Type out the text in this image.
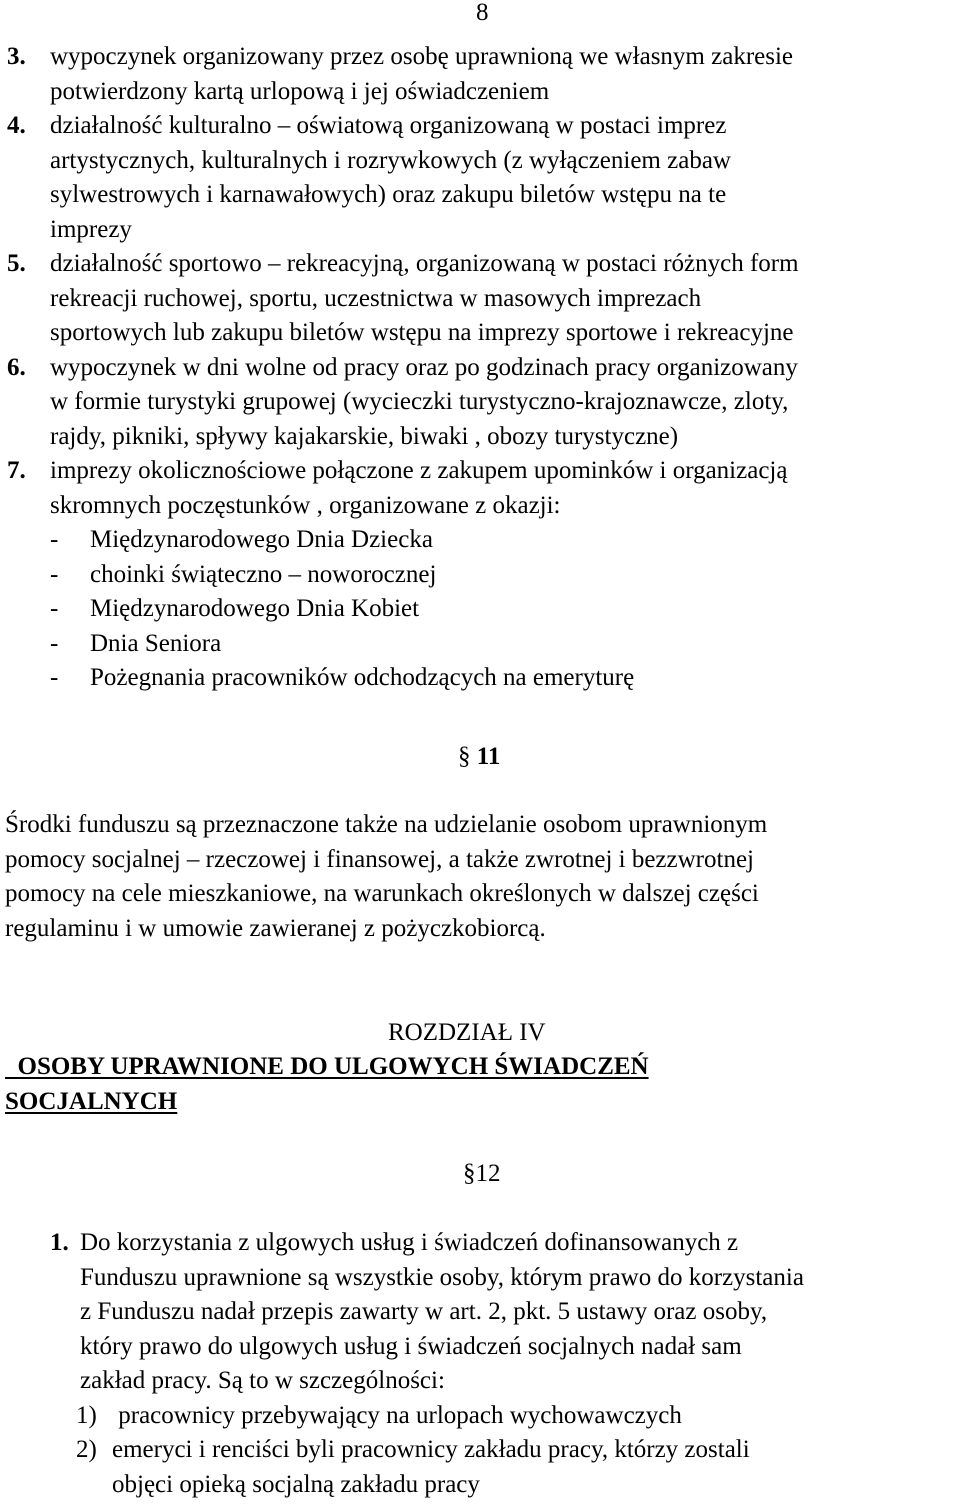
8
3. wypoczynek organizowany przez osobę uprawnioną we własnym zakresie
potwierdzony kartą urlopową i jej oświadczeniem
4. działalność kulturalno – oświatową organizowaną w postaci imprez
artystycznych, kulturalnych i rozrywkowych (z wyłączeniem zabaw
sylwestrowych i karnawałowych) oraz zakupu biletów wstępu na te
imprezy
5. działalność sportowo – rekreacyjną, organizowaną w postaci różnych form
rekreacji ruchowej, sportu, uczestnictwa w masowych imprezach
sportowych lub zakupu biletów wstępu na imprezy sportowe i rekreacyjne
6. wypoczynek w dni wolne od pracy oraz po godzinach pracy organizowany
w formie turystyki grupowej (wycieczki turystyczno-krajoznawcze, zloty,
rajdy, pikniki, spływy kajakarskie, biwaki , obozy turystyczne)
7. imprezy okolicznościowe połączone z zakupem upominków i organizacją
skromnych poczęstunków , organizowane z okazji:
- Międzynarodowego Dnia Dziecka
- choinki świąteczno – noworocznej
- Międzynarodowego Dnia Kobiet
- Dnia Seniora
- Pożegnania pracowników odchodzących na emeryturę
§ 11
Środki funduszu są przeznaczone także na udzielanie osobom uprawnionym
pomocy socjalnej – rzeczowej i finansowej, a także zwrotnej i bezzwrotnej
pomocy na cele mieszkaniowe, na warunkach określonych w dalszej części
regulaminu i w umowie zawieranej z pożyczkobiorcą.
ROZDZIAŁ IV
OSOBY UPRAWNIONE DO ULGOWYCH ŚWIADCZEŃ
SOCJALNYCH
§12
1. Do korzystania z ulgowych usług i świadczeń dofinansowanych z
Funduszu uprawnione są wszystkie osoby, którym prawo do korzystania
z Funduszu nadał przepis zawarty w art. 2, pkt. 5 ustawy oraz osoby,
który prawo do ulgowych usług i świadczeń socjalnych nadał sam
zakład pracy. Są to w szczególności:
1) pracownicy przebywający na urlopach wychowawczych
2) emeryci i renciści byli pracownicy zakładu pracy, którzy zostali
objęci opieką socjalną zakładu pracy
